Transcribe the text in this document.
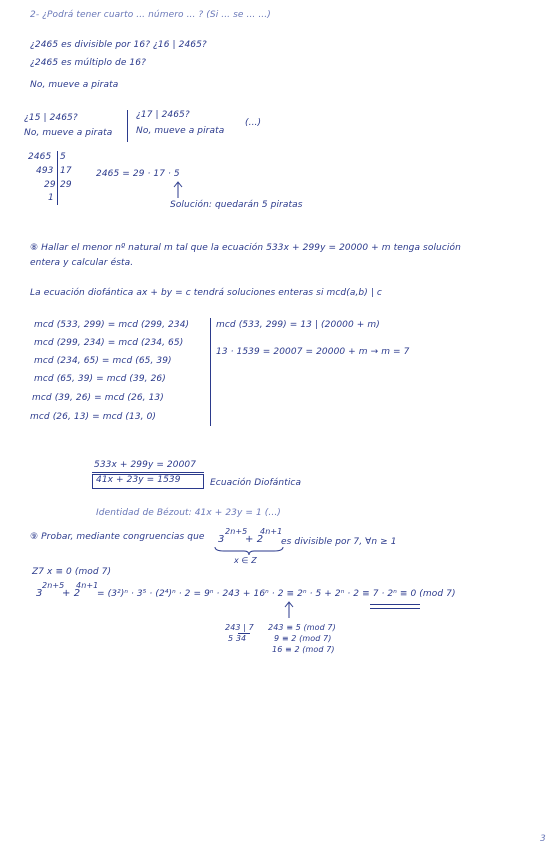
2- ¿Podrá tener cuarto ... número ... ? (Si ... se ... ...)
¿2465 es divisible por 16? ¿16 | 2465?
¿2465 es múltiplo de 16?
No, mueve a pirata
¿15 | 2465?
No, mueve a pirata
¿17 | 2465?
No, mueve a pirata
(...)
2465 5
493 17
29 29
1
2465 = 29 · 17 · 5
Solución: quedarán 5 piratas
⑧ Hallar el menor nº natural m tal que la ecuación 533x + 299y = 20000 + m tenga solución
entera y calcular ésta.
La ecuación diofántica ax + by = c tendrá soluciones enteras si mcd(a,b) | c
mcd (533, 299) = mcd (299, 234)
mcd (299, 234) = mcd (234, 65)
mcd (234, 65) = mcd (65, 39)
mcd (65, 39) = mcd (39, 26)
mcd (39, 26) = mcd (26, 13)
mcd (26, 13) = mcd (13, 0)
mcd (533, 299) = 13 | (20000 + m)
13 · 1539 = 20007 = 20000 + m → m = 7
533x + 299y = 20007
41x + 23y = 1539	Ecuación Diofántica
Identidad de Bézout: 41x + 23y = 1 (...)
⑨ Probar, mediante congruencias que 3
2n+5
+ 2
4n+1
es divisible por 7, ∀n ≥ 1
x ∈ Z
Z7 x ≡ 0 (mod 7)
3
2n+5
+ 2
4n+1
= (3²)ⁿ · 3⁵ · (2⁴)ⁿ · 2 = 9ⁿ · 243 + 16ⁿ · 2 ≡ 2ⁿ · 5 + 2ⁿ · 2 ≡ 7 · 2ⁿ ≡ 0 (mod 7)
243 | 7
5 34
243 ≡ 5 (mod 7)
9 ≡ 2 (mod 7)
16 ≡ 2 (mod 7)
3
